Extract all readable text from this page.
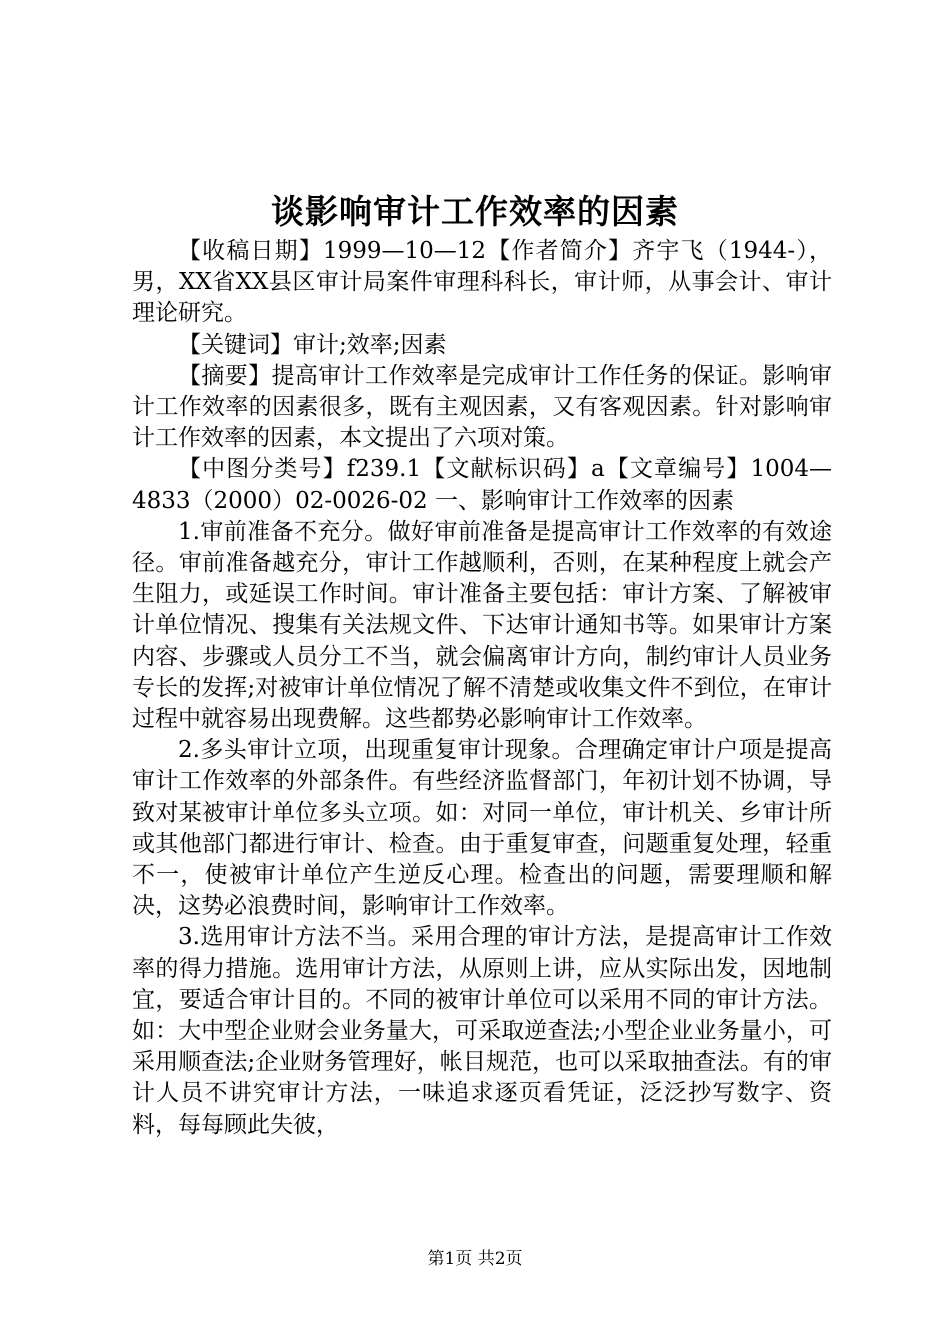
谈影响审计工作效率的因素

【收稿日期】1999—10—12【作者简介】齐宇飞（1944-），男，XX省XX县区审计局案件审理科科长，审计师，从事会计、审计理论研究。

【关键词】审计;效率;因素

【摘要】提高审计工作效率是完成审计工作任务的保证。影响审计工作效率的因素很多，既有主观因素，又有客观因素。针对影响审计工作效率的因素，本文提出了六项对策。

【中图分类号】f239.1【文献标识码】a【文章编号】1004—4833（2000）02-0026-02 一、影响审计工作效率的因素

1.审前准备不充分。做好审前准备是提高审计工作效率的有效途径。审前准备越充分，审计工作越顺利，否则，在某种程度上就会产生阻力，或延误工作时间。审计准备主要包括：审计方案、了解被审计单位情况、搜集有关法规文件、下达审计通知书等。如果审计方案内容、步骤或人员分工不当，就会偏离审计方向，制约审计人员业务专长的发挥;对被审计单位情况了解不清楚或收集文件不到位，在审计过程中就容易出现费解。这些都势必影响审计工作效率。

2.多头审计立项，出现重复审计现象。合理确定审计户项是提高审计工作效率的外部条件。有些经济监督部门，年初计划不协调，导致对某被审计单位多头立项。如：对同一单位，审计机关、乡审计所或其他部门都进行审计、检查。由于重复审查，问题重复处理，轻重不一，使被审计单位产生逆反心理。检查出的问题，需要理顺和解决，这势必浪费时间，影响审计工作效率。

3.选用审计方法不当。采用合理的审计方法，是提高审计工作效率的得力措施。选用审计方法，从原则上讲，应从实际出发，因地制宜，要适合审计目的。不同的被审计单位可以采用不同的审计方法。如：大中型企业财会业务量大，可采取逆查法;小型企业业务量小，可采用顺查法;企业财务管理好，帐目规范，也可以采取抽查法。有的审计人员不讲究审计方法，一味追求逐页看凭证，泛泛抄写数字、资料，每每顾此失彼，

第1页 共2页
